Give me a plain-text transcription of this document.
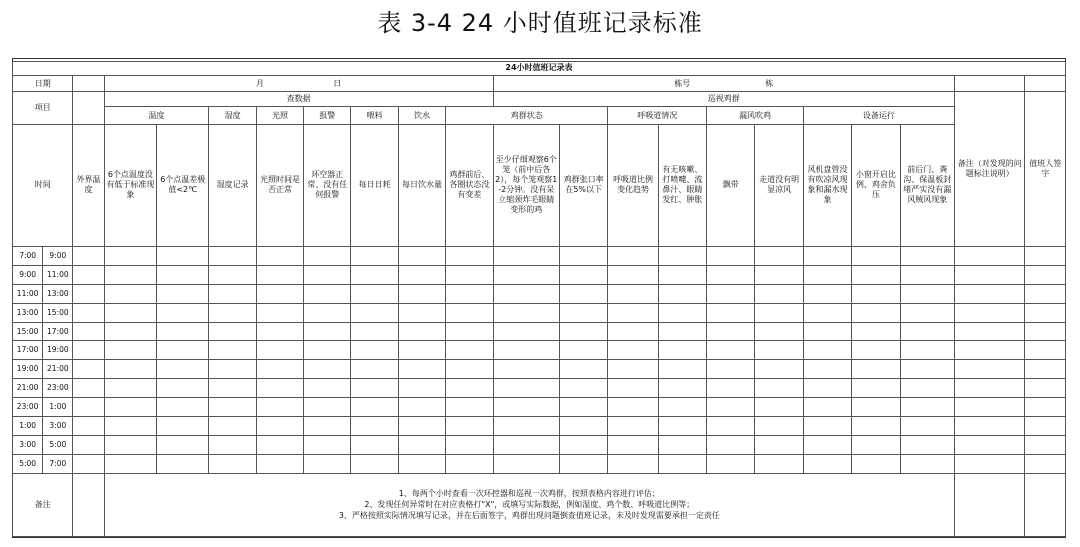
表 3-4 24 小时值班记录标准
24小时值班记录表																					
日期			月 日								栋号 栋										
项目			查数据								巡视鸡群									备注（对发现的问题标注说明）	值班人签字
			温度		湿度	光照	报警	喂料	饮水	鸡群状态			呼吸道情况		漏风吹鸡		设备运行				
时间		外界温度	6个点温度没有低于标准现象	6个点温差极值<2℃	湿度记录	光照时间是否正常	环空器正常、没有任何报警	每日日耗	每日饮水量	鸡群前后、各圈状态没有变差	至少仔细观察6个笼（前中后各2），每个笼观察1-2分钟。没有呆立缩颈炸毛眼睛变形的鸡	鸡群张口率在5%以下	呼吸道比例变化趋势	有无咳嗽、打喷嚏、流鼻汁、眼睛发红、肿胀	飘带	走道没有明显凉风	风机盘管没有吹凉风现象和漏水现象	小窗开启比例、鸡舍负压	前后门、粪沟、保温板封堵严实没有漏风贼风现象		
7:00	9:00																				
9:00	11:00																				
11:00	13:00																				
13:00	15:00																				
15:00	17:00																				
17:00	19:00																				
19:00	21:00																				
21:00	23:00																				
23:00	1:00																				
1:00	3:00																				
3:00	5:00																				
5:00	7:00																				
备注			1、每两个小时查看一次环控器和巡视一次鸡群，按照表格内容进行评估；
2、发现任何异常时在对应表格打"X"，或填写实际数据，例如湿度、鸡个数、呼吸道比例等；
3、严格按照实际情况填写记录，并在后面签字，鸡群出现问题倒查值班记录，未及时发现需要承担一定责任																		
